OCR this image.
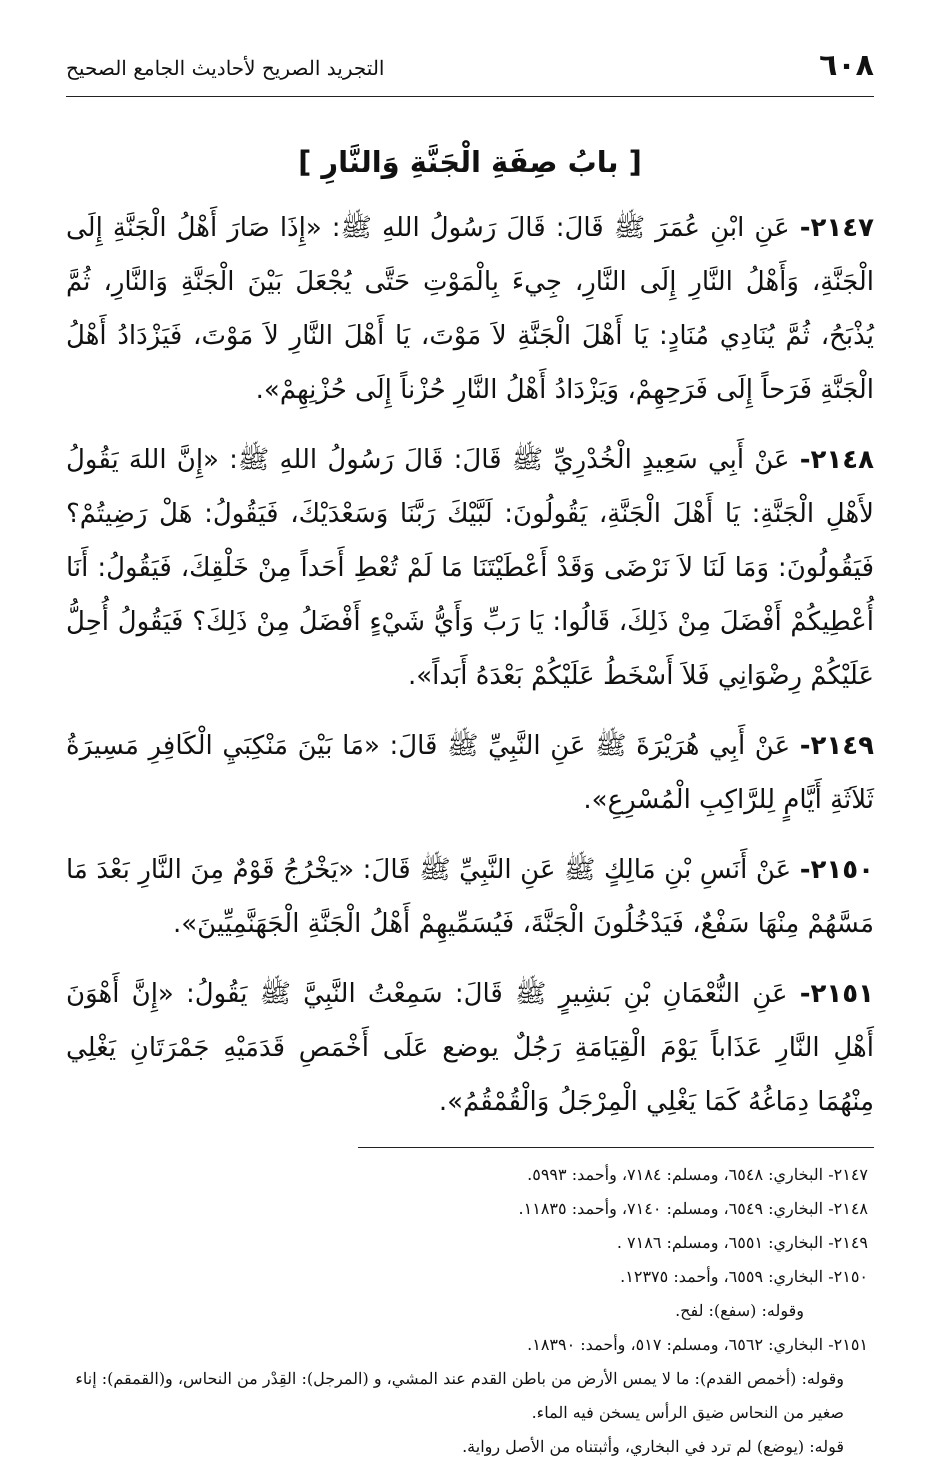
٦٠٨
التجريد الصريح لأحاديث الجامع الصحيح
[ بابُ صِفَةِ الْجَنَّةِ وَالنَّارِ ]

٢١٤٧- عَنِ ابْنِ عُمَرَ ﷺ قَالَ: قَالَ رَسُولُ اللهِ ﷺ: «إِذَا صَارَ أَهْلُ الْجَنَّةِ إِلَى الْجَنَّةِ، وَأَهْلُ النَّارِ إِلَى النَّارِ، جِيءَ بِالْمَوْتِ حَتَّى يُجْعَلَ بَيْنَ الْجَنَّةِ وَالنَّارِ، ثُمَّ يُذْبَحُ، ثُمَّ يُنَادِي مُنَادٍ: يَا أَهْلَ الْجَنَّةِ لاَ مَوْتَ، يَا أَهْلَ النَّارِ لاَ مَوْتَ، فَيَزْدَادُ أَهْلُ الْجَنَّةِ فَرَحاً إِلَى فَرَحِهِمْ، وَيَزْدَادُ أَهْلُ النَّارِ حُزْناً إِلَى حُزْنِهِمْ».

٢١٤٨- عَنْ أَبِي سَعِيدٍ الْخُدْرِيِّ ﷺ قَالَ: قَالَ رَسُولُ اللهِ ﷺ: «إِنَّ اللهَ يَقُولُ لأَهْلِ الْجَنَّةِ: يَا أَهْلَ الْجَنَّةِ، يَقُولُونَ: لَبَّيْكَ رَبَّنَا وَسَعْدَيْكَ، فَيَقُولُ: هَلْ رَضِيتُمْ؟ فَيَقُولُونَ: وَمَا لَنَا لاَ نَرْضَى وَقَدْ أَعْطَيْتَنَا مَا لَمْ تُعْطِ أَحَداً مِنْ خَلْقِكَ، فَيَقُولُ: أَنَا أُعْطِيكُمْ أَفْضَلَ مِنْ ذَلِكَ، قَالُوا: يَا رَبِّ وَأَيُّ شَيْءٍ أَفْضَلُ مِنْ ذَلِكَ؟ فَيَقُولُ أُحِلُّ عَلَيْكُمْ رِضْوَانِي فَلاَ أَسْخَطُ عَلَيْكُمْ بَعْدَهُ أَبَداً».

٢١٤٩- عَنْ أَبِي هُرَيْرَةَ ﷺ عَنِ النَّبِيِّ ﷺ قَالَ: «مَا بَيْنَ مَنْكِبَيِ الْكَافِرِ مَسِيرَةُ ثَلاَثَةِ أَيَّامٍ لِلرَّاكِبِ الْمُسْرِعِ».

٢١٥٠- عَنْ أَنَسِ بْنِ مَالِكٍ ﷺ عَنِ النَّبِيِّ ﷺ قَالَ: «يَخْرُجُ قَوْمٌ مِنَ النَّارِ بَعْدَ مَا مَسَّهُمْ مِنْهَا سَفْعٌ، فَيَدْخُلُونَ الْجَنَّةَ، فَيُسَمِّيهِمْ أَهْلُ الْجَنَّةِ الْجَهَنَّمِيِّينَ».

٢١٥١- عَنِ النُّعْمَانِ بْنِ بَشِيرٍ ﷺ قَالَ: سَمِعْتُ النَّبِيَّ ﷺ يَقُولُ: «إِنَّ أَهْوَنَ أَهْلِ النَّارِ عَذَاباً يَوْمَ الْقِيَامَةِ رَجُلٌ يوضع عَلَى أَخْمَصِ قَدَمَيْهِ جَمْرَتَانِ يَغْلِي مِنْهُمَا دِمَاغُهُ كَمَا يَغْلِي الْمِرْجَلُ وَالْقُمْقُمُ».

٢١٤٧- البخاري: ٦٥٤٨، ومسلم: ٧١٨٤، وأحمد: ٥٩٩٣.

٢١٤٨- البخاري: ٦٥٤٩، ومسلم: ٧١٤٠، وأحمد: ١١٨٣٥.

٢١٤٩- البخاري: ٦٥٥١، ومسلم: ٧١٨٦ .

٢١٥٠- البخاري: ٦٥٥٩، وأحمد: ١٢٣٧٥.

وقوله: (سفع): لفح.

٢١٥١- البخاري: ٦٥٦٢، ومسلم: ٥١٧، وأحمد: ١٨٣٩٠.

وقوله: (أخمص القدم): ما لا يمس الأرض من باطن القدم عند المشي، و (المرجل): القِدْر من النحاس، و(القمقم): إناء صغير من النحاس ضيق الرأس يسخن فيه الماء.

قوله: (يوضع) لم ترد في البخاري، وأثبتناه من الأصل رواية.
